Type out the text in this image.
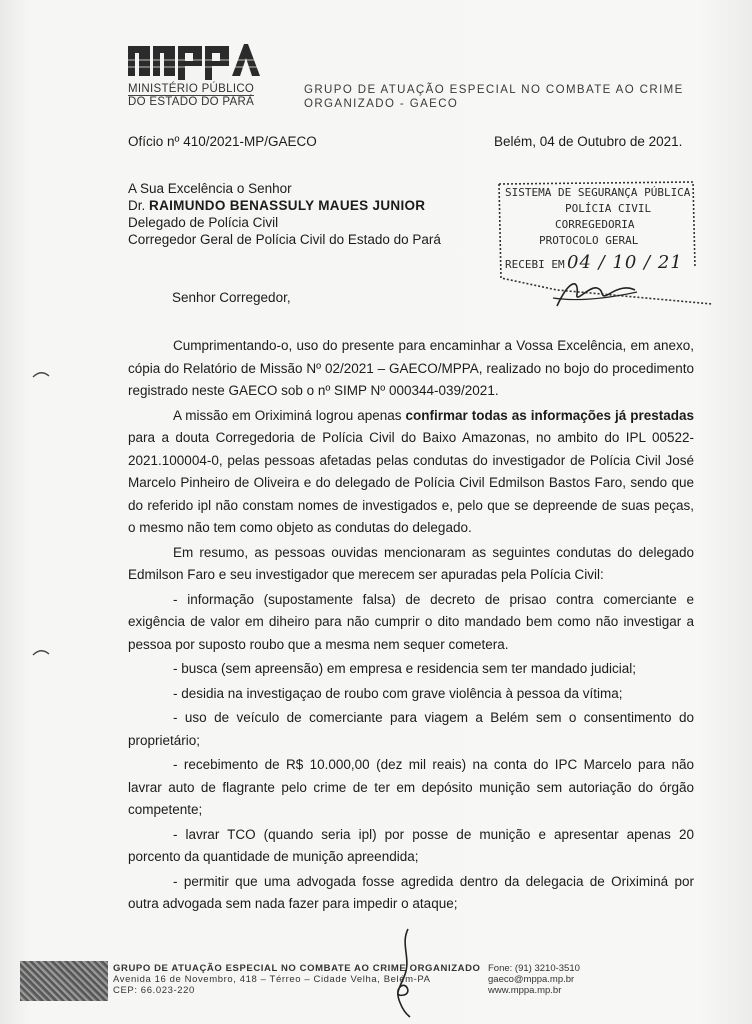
MINISTÉRIO PÚBLICO
DO ESTADO DO PARÁ
GRUPO DE ATUAÇÃO ESPECIAL NO COMBATE AO CRIME
ORGANIZADO - GAECO
Ofício nº 410/2021-MP/GAECO	Belém, 04 de Outubro de 2021.
A Sua Excelência o Senhor
Dr. RAIMUNDO BENASSULY MAUES JUNIOR
Delegado de Polícia Civil
Corregedor Geral de Polícia Civil do Estado do Pará
SISTEMA DE SEGURANÇA PÚBLICA
POLÍCIA CIVIL
CORREGEDORIA
PROTOCOLO GERAL
RECEBI EM 04 / 10 / 21
Senhor Corregedor,

Cumprimentando-o, uso do presente para encaminhar a Vossa Excelência, em anexo, cópia do Relatório de Missão Nº 02/2021 – GAECO/MPPA, realizado no bojo do procedimento registrado neste GAECO sob o nº SIMP Nº 000344-039/2021.

A missão em Oriximiná logrou apenas confirmar todas as informações já prestadas para a douta Corregedoria de Polícia Civil do Baixo Amazonas, no ambito do IPL 00522-2021.100004-0, pelas pessoas afetadas pelas condutas do investigador de Polícia Civil José Marcelo Pinheiro de Oliveira e do delegado de Polícia Civil Edmilson Bastos Faro, sendo que do referido ipl não constam nomes de investigados e, pelo que se depreende de suas peças, o mesmo não tem como objeto as condutas do delegado.

Em resumo, as pessoas ouvidas mencionaram as seguintes condutas do delegado Edmilson Faro e seu investigador que merecem ser apuradas pela Polícia Civil:

- informação (supostamente falsa) de decreto de prisao contra comerciante e exigência de valor em diheiro para não cumprir o dito mandado bem como não investigar a pessoa por suposto roubo que a mesma nem sequer cometera.

- busca (sem apreensão) em empresa e residencia sem ter mandado judicial;

- desidia na investigaçao de roubo com grave violência à pessoa da vítima;

- uso de veículo de comerciante para viagem a Belém sem o consentimento do proprietário;

- recebimento de R$ 10.000,00 (dez mil reais) na conta do IPC Marcelo para não lavrar auto de flagrante pelo crime de ter em depósito munição sem autoriação do órgão competente;

- lavrar TCO (quando seria ipl) por posse de munição e apresentar apenas 20 porcento da quantidade de munição apreendida;

- permitir que uma advogada fosse agredida dentro da delegacia de Oriximiná por outra advogada sem nada fazer para impedir o ataque;

GRUPO DE ATUAÇÃO ESPECIAL NO COMBATE AO CRIME ORGANIZADO
Avenida 16 de Novembro, 418 – Térreo – Cidade Velha, Belém-PA
CEP: 66.023-220
Fone: (91) 3210-3510
gaeco@mppa.mp.br
www.mppa.mp.br
